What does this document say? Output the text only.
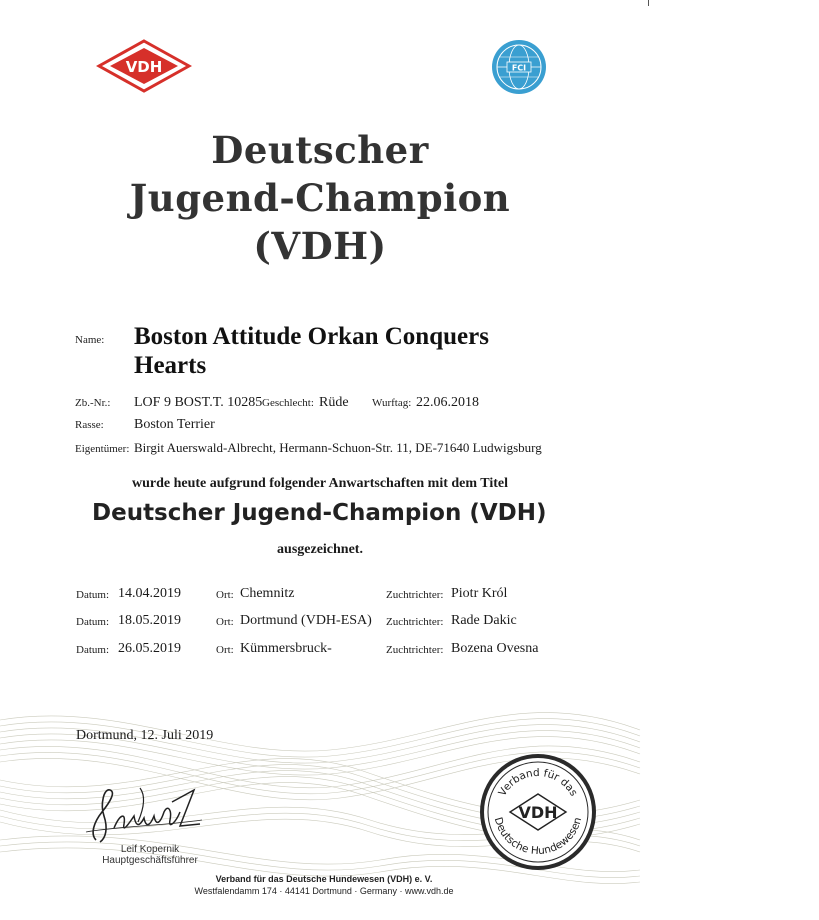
VDH	FCI
Deutscher
Jugend-Champion
(VDH)
Name: Boston Attitude Orkan Conquers Hearts
Zb.-Nr.: LOF 9 BOST.T. 10285 Geschlecht: Rüde Wurftag: 22.06.2018
Rasse: Boston Terrier
Eigentümer: Birgit Auerswald-Albrecht, Hermann-Schuon-Str. 11, DE-71640 Ludwigsburg
wurde heute aufgrund folgender Anwartschaften mit dem Titel
Deutscher Jugend-Champion (VDH)
ausgezeichnet.
Datum: 14.04.2019	Ort: Chemnitz	Zuchtrichter: Piotr Król
Datum: 18.05.2019	Ort: Dortmund (VDH-ESA) Zuchtrichter: Rade Dakic
Datum: 26.05.2019	Ort: Kümmersbruck-	Zuchtrichter: Bozena Ovesna
Dortmund, 12. Juli 2019
Leif Kopernik
Hauptgeschäftsführer
Verband für das
Deutsche Hundewesen
VDH
Verband für das Deutsche Hundewesen (VDH) e. V.
Westfalendamm 174 · 44141 Dortmund · Germany · www.vdh.de
